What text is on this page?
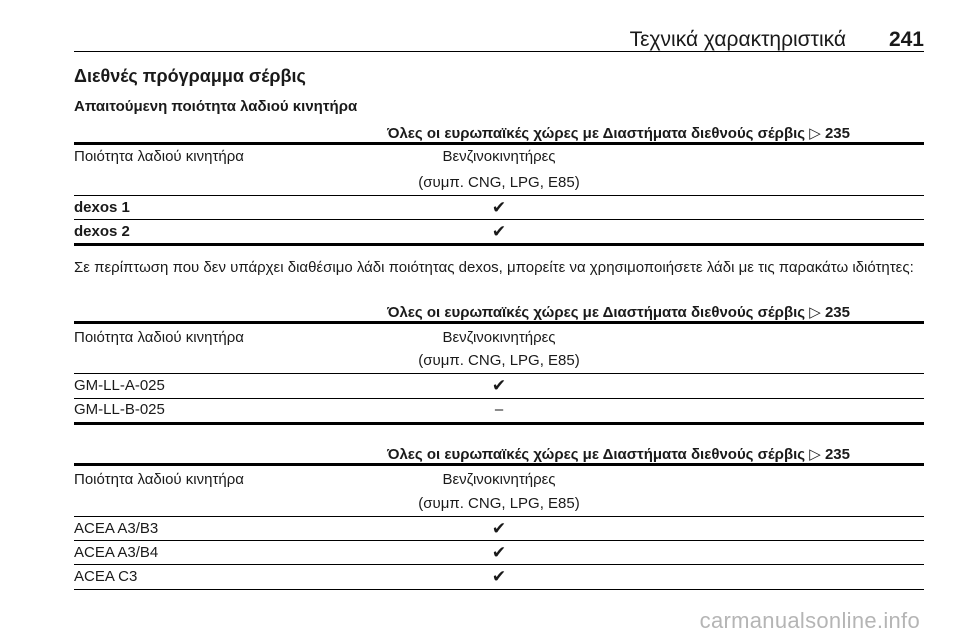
Τεχνικά χαρακτηριστικά 241
Διεθνές πρόγραμμα σέρβις
Απαιτούμενη ποιότητα λαδιού κινητήρα
Όλες οι ευρωπαϊκές χώρες με Διαστήματα διεθνούς σέρβις ▷ 235
Ποιότητα λαδιού κινητήρα	Βενζινοκινητήρες
(συμπ. CNG, LPG, E85)
dexos 1	✔
dexos 2	✔
Σε περίπτωση που δεν υπάρχει διαθέσιμο λάδι ποιότητας dexos, μπορείτε να χρησιμοποιήσετε λάδι με τις παρακάτω ιδιότητες:
Όλες οι ευρωπαϊκές χώρες με Διαστήματα διεθνούς σέρβις ▷ 235
Ποιότητα λαδιού κινητήρα	Βενζινοκινητήρες
(συμπ. CNG, LPG, E85)
GM-LL-A-025	✔
GM-LL-B-025	–
Όλες οι ευρωπαϊκές χώρες με Διαστήματα διεθνούς σέρβις ▷ 235
Ποιότητα λαδιού κινητήρα	Βενζινοκινητήρες
(συμπ. CNG, LPG, E85)
ACEA A3/B3	✔
ACEA A3/B4	✔
ACEA C3	✔
carmanualsonline.info
